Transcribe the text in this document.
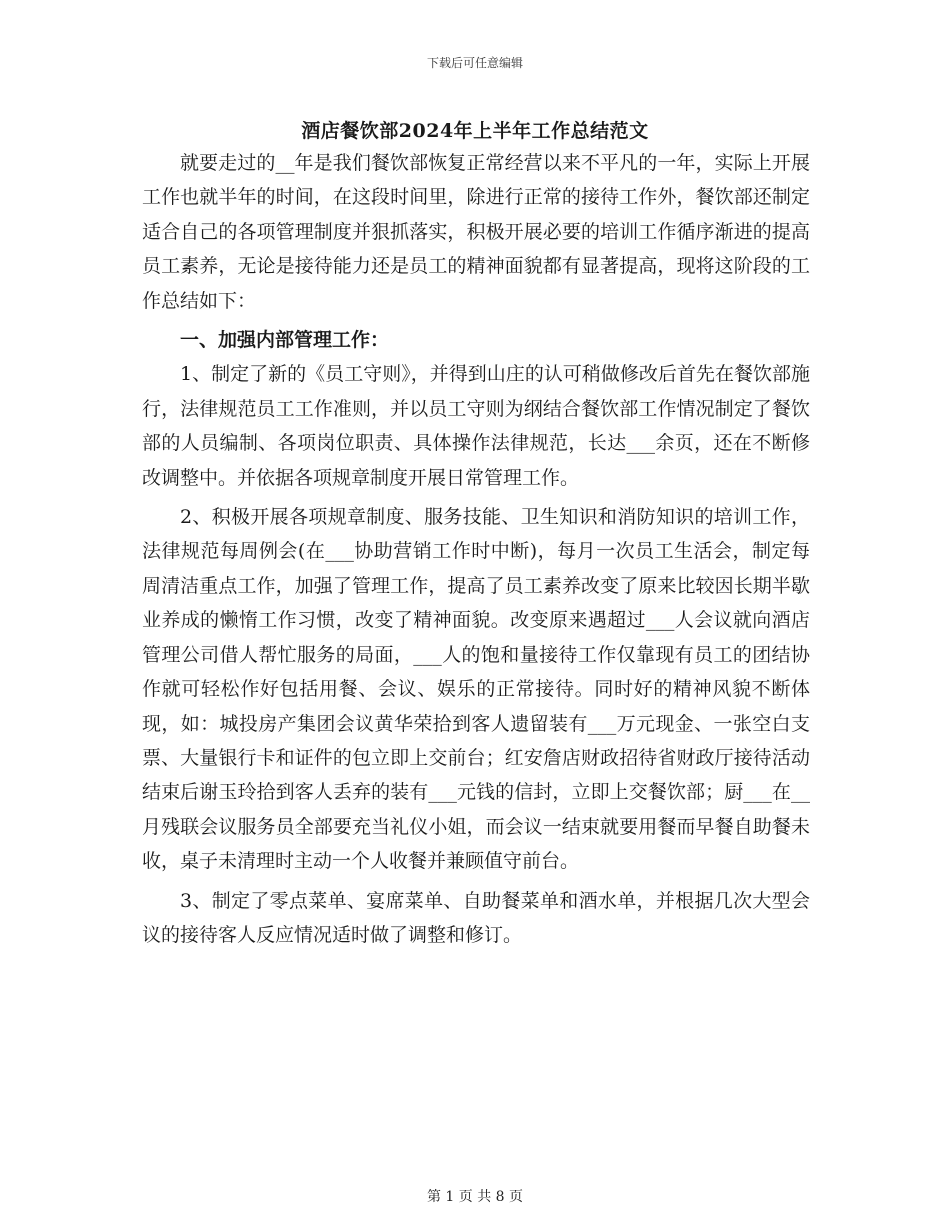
下载后可任意编辑
酒店餐饮部2024年上半年工作总结范文

就要走过的__年是我们餐饮部恢复正常经营以来不平凡的一年，实际上开展工作也就半年的时间，在这段时间里，除进行正常的接待工作外，餐饮部还制定适合自己的各项管理制度并狠抓落实，积极开展必要的培训工作循序渐进的提高员工素养，无论是接待能力还是员工的精神面貌都有显著提高，现将这阶段的工作总结如下：

一、加强内部管理工作：

1、制定了新的《员工守则》，并得到山庄的认可稍做修改后首先在餐饮部施行，法律规范员工工作准则，并以员工守则为纲结合餐饮部工作情况制定了餐饮部的人员编制、各项岗位职责、具体操作法律规范，长达___余页，还在不断修改调整中。并依据各项规章制度开展日常管理工作。

2、积极开展各项规章制度、服务技能、卫生知识和消防知识的培训工作，法律规范每周例会(在___协助营销工作时中断)，每月一次员工生活会，制定每周清洁重点工作，加强了管理工作，提高了员工素养改变了原来比较因长期半歇业养成的懒惰工作习惯，改变了精神面貌。改变原来遇超过___人会议就向酒店管理公司借人帮忙服务的局面，___人的饱和量接待工作仅靠现有员工的团结协作就可轻松作好包括用餐、会议、娱乐的正常接待。同时好的精神风貌不断体现，如：城投房产集团会议黄华荣拾到客人遗留装有___万元现金、一张空白支票、大量银行卡和证件的包立即上交前台；红安詹店财政招待省财政厅接待活动结束后谢玉玲拾到客人丢弃的装有___元钱的信封，立即上交餐饮部；厨___在__月残联会议服务员全部要充当礼仪小姐，而会议一结束就要用餐而早餐自助餐未收，桌子未清理时主动一个人收餐并兼顾值守前台。

3、制定了零点菜单、宴席菜单、自助餐菜单和酒水单，并根据几次大型会议的接待客人反应情况适时做了调整和修订。

第 1 页 共 8 页
